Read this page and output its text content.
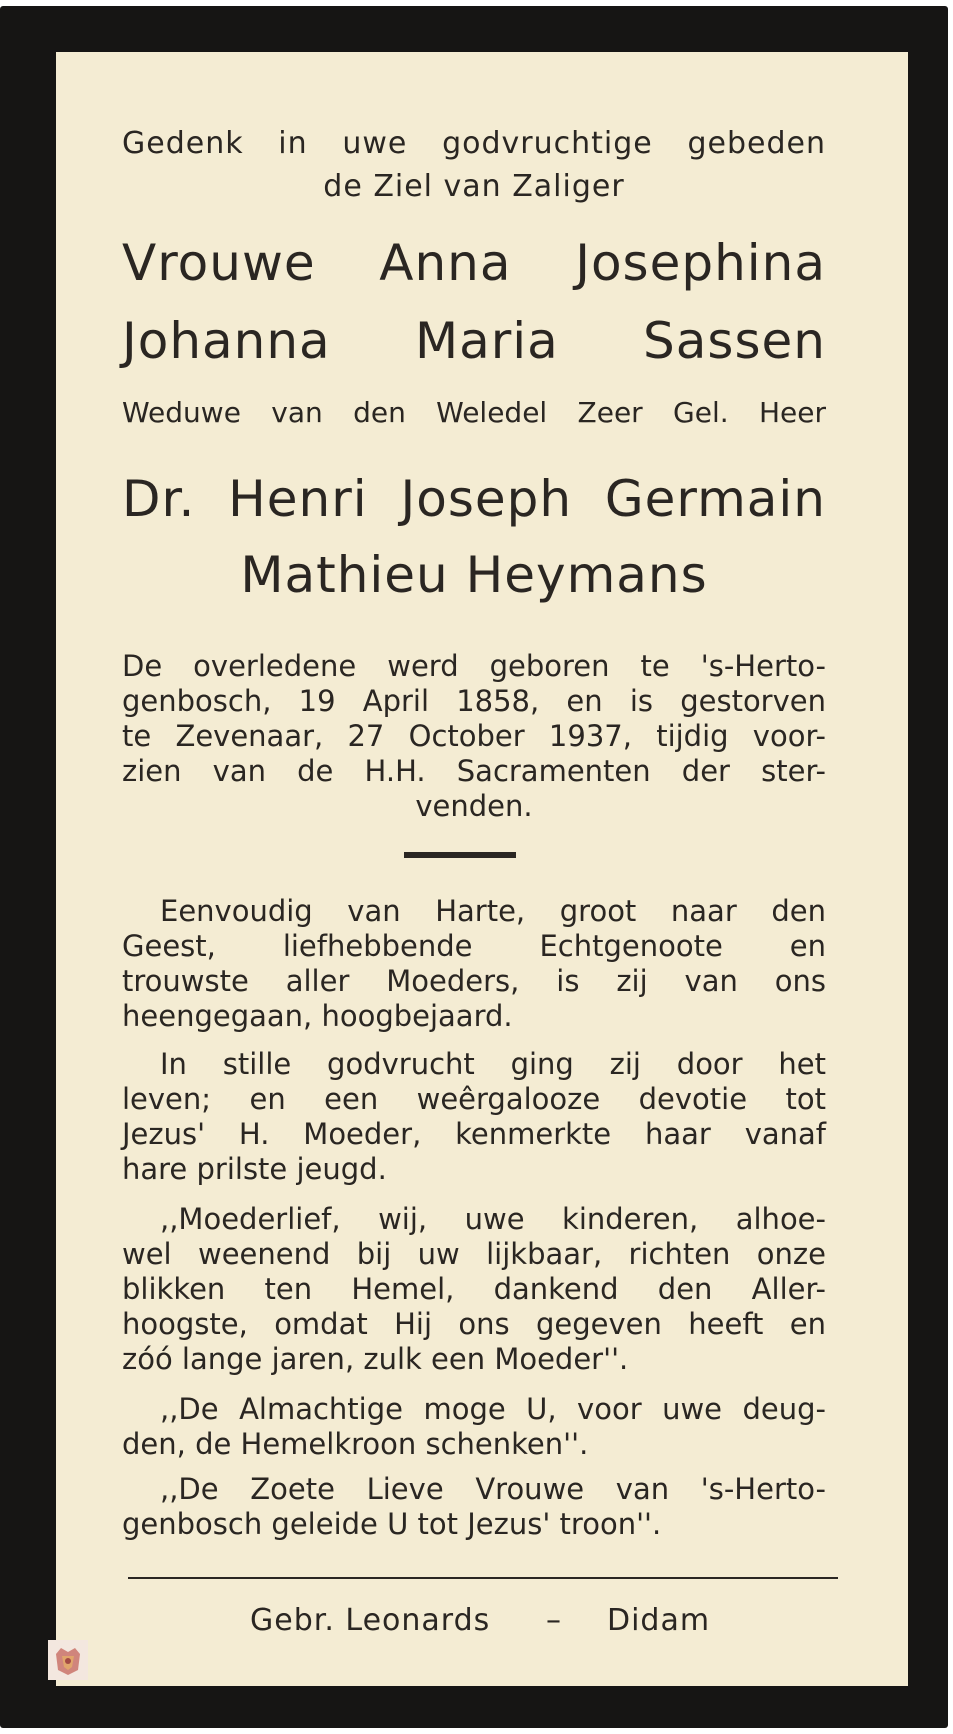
Gedenk in uwe godvruchtige gebeden

de Ziel van Zaliger

Vrouwe Anna Josephina

Johanna Maria Sassen

Weduwe van den Weledel Zeer Gel. Heer

Dr. Henri Joseph Germain

Mathieu Heymans

De overledene werd geboren te 's-Herto-

genbosch, 19 April 1858, en is gestorven

te Zevenaar, 27 October 1937, tijdig voor-

zien van de H.H. Sacramenten der ster-

venden.

Eenvoudig van Harte, groot naar den

Geest, liefhebbende Echtgenoote en

trouwste aller Moeders, is zij van ons

heengegaan, hoogbejaard.

In stille godvrucht ging zij door het

leven; en een weêrgalooze devotie tot

Jezus' H. Moeder, kenmerkte haar vanaf

hare prilste jeugd.

,,Moederlief, wij, uwe kinderen, alhoe-

wel weenend bij uw lijkbaar, richten onze

blikken ten Hemel, dankend den Aller-

hoogste, omdat Hij ons gegeven heeft en

zóó lange jaren, zulk een Moeder''.

,,De Almachtige moge U, voor uwe deug-

den, de Hemelkroon schenken''.

,,De Zoete Lieve Vrouwe van 's-Herto-

genbosch geleide U tot Jezus' troon''.

Gebr. Leonards – Didam
